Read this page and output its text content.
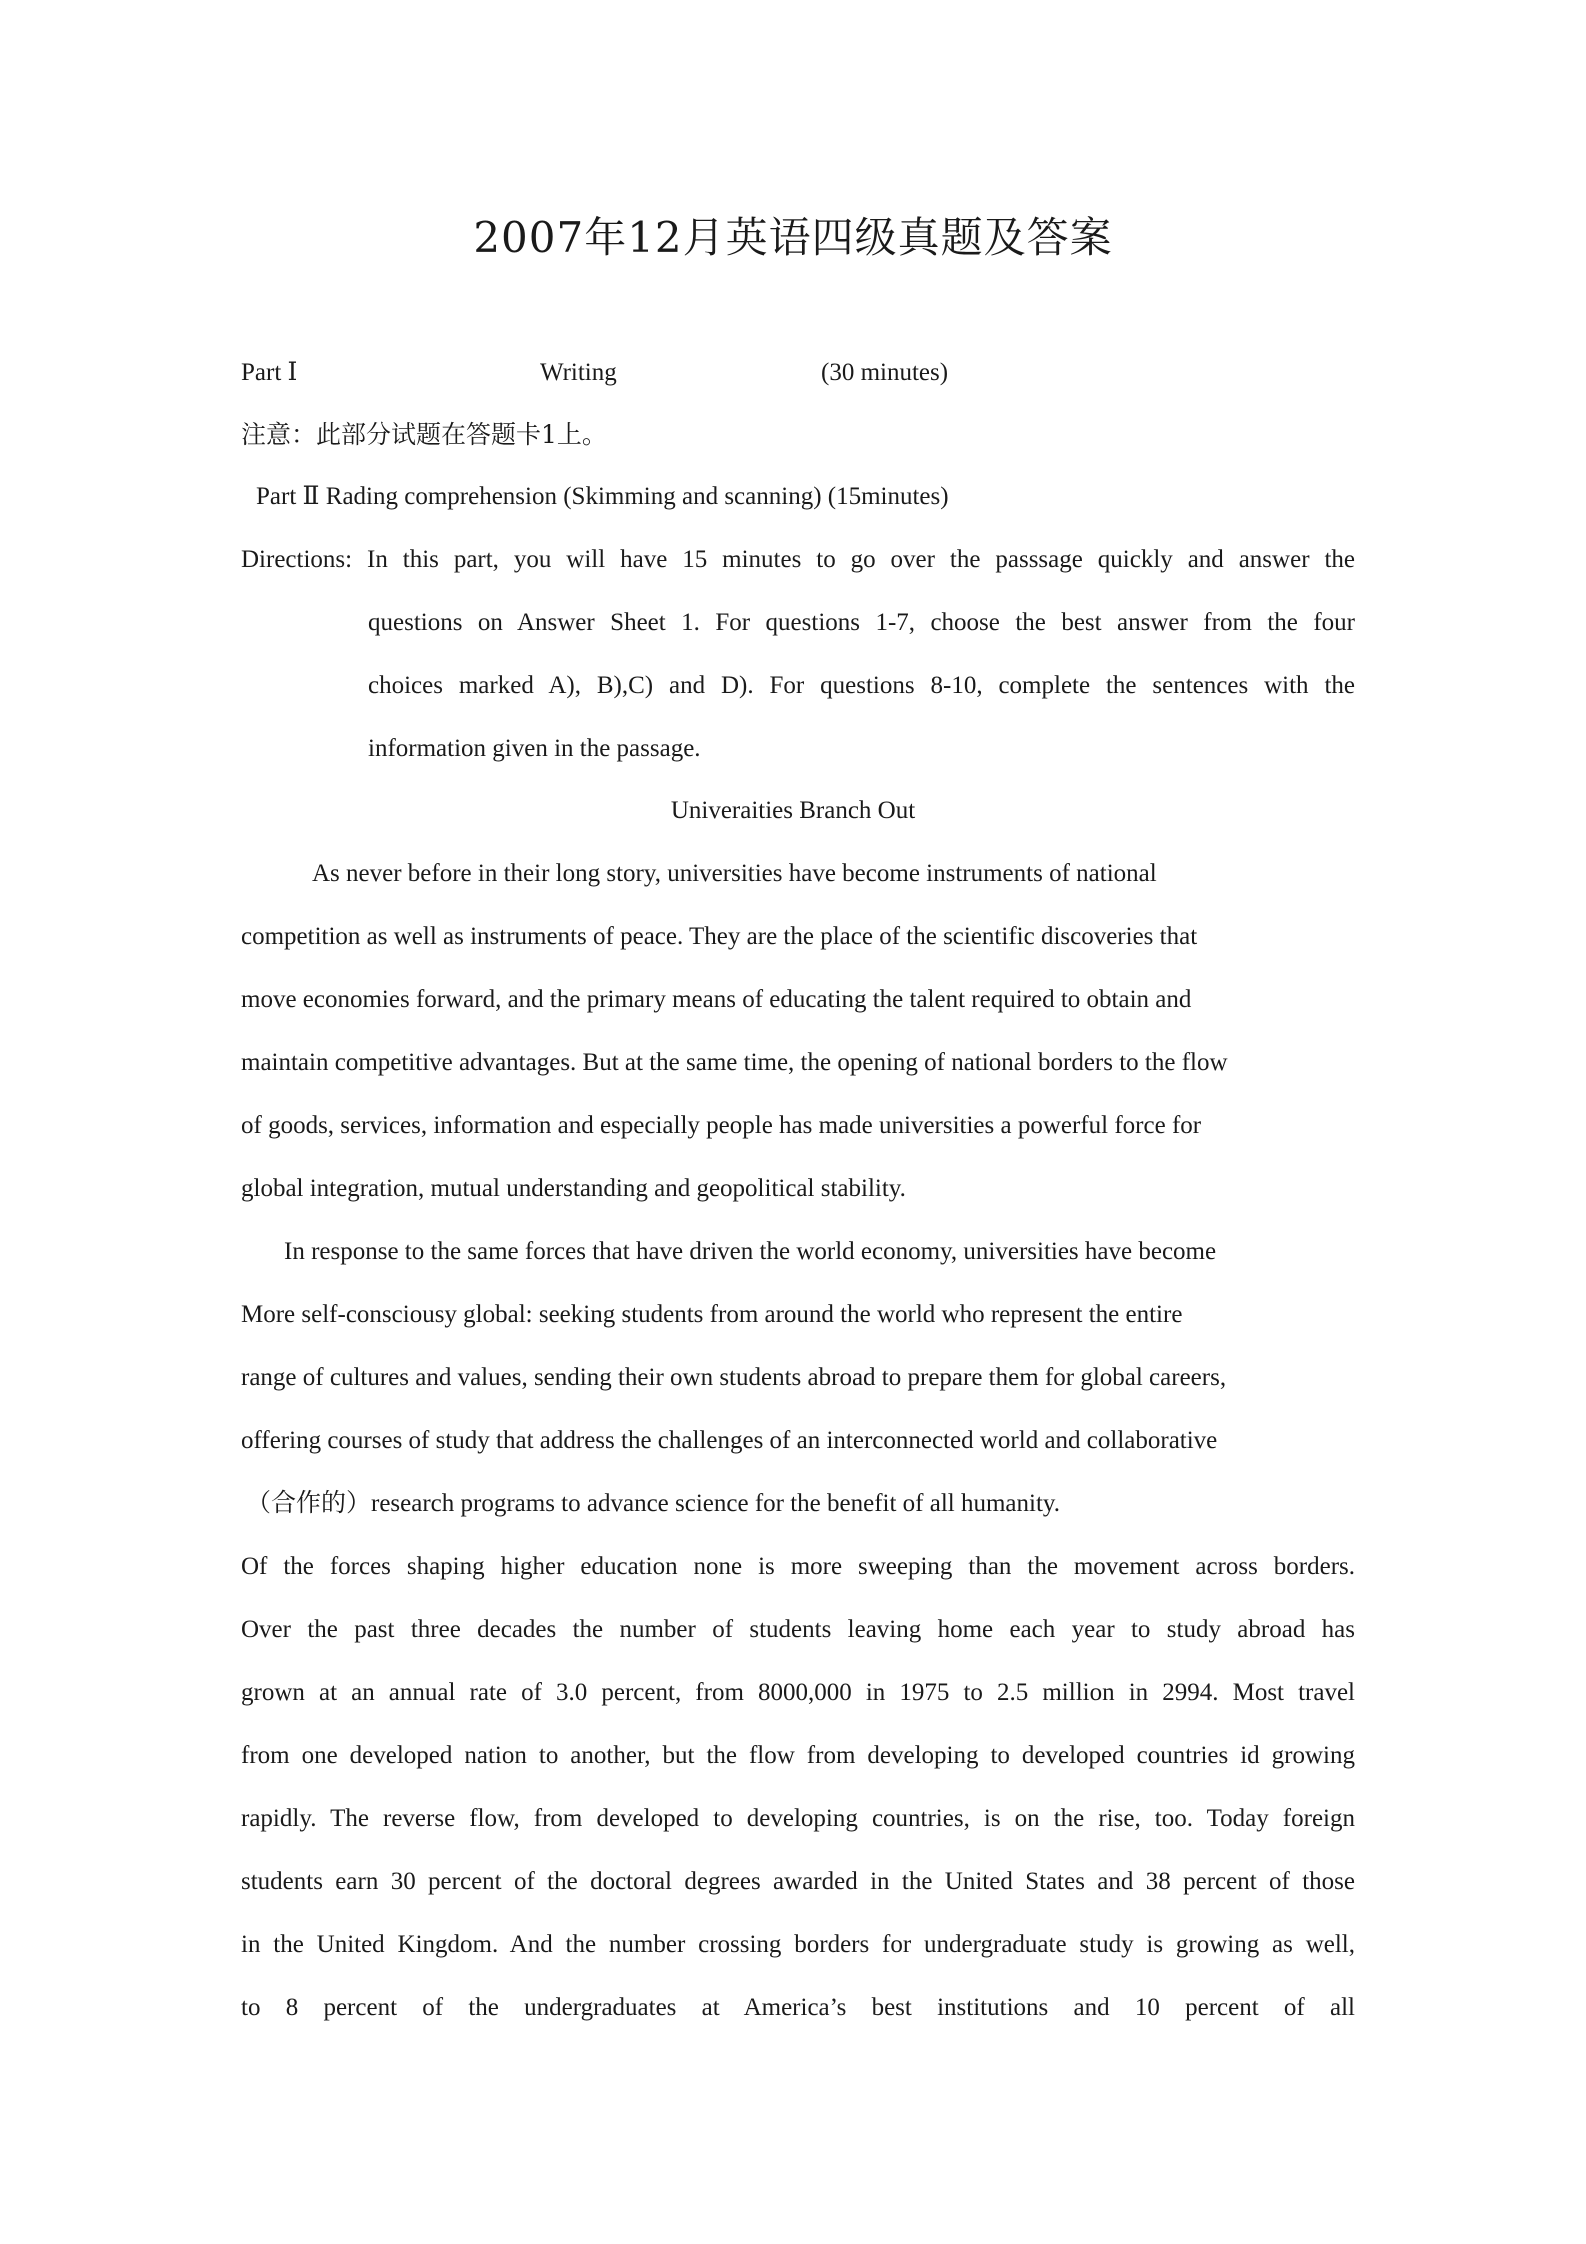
2007年12月英语四级真题及答案
Part Ⅰ	Writing	(30 minutes)
注意：此部分试题在答题卡1上。
Part Ⅱ Rading comprehension (Skimming and scanning) (15minutes)
Directions: In this part, you will have 15 minutes to go over the passsage quickly and answer the
questions on Answer Sheet 1. For questions 1-7, choose the best answer from the four
choices marked A), B),C) and D). For questions 8-10, complete the sentences with the
information given in the passage.
Univeraities Branch Out
As never before in their long story, universities have become instruments of national
competition as well as instruments of peace. They are the place of the scientific discoveries that
move economies forward, and the primary means of educating the talent required to obtain and
maintain competitive advantages. But at the same time, the opening of national borders to the flow
of goods, services, information and especially people has made universities a powerful force for
global integration, mutual understanding and geopolitical stability.
In response to the same forces that have driven the world economy, universities have become
More self-consciousy global: seeking students from around the world who represent the entire
range of cultures and values, sending their own students abroad to prepare them for global careers,
offering courses of study that address the challenges of an interconnected world and collaborative
（合作的）research programs to advance science for the benefit of all humanity.
Of the forces shaping higher education none is more sweeping than the movement across borders.
Over the past three decades the number of students leaving home each year to study abroad has
grown at an annual rate of 3.0 percent, from 8000,000 in 1975 to 2.5 million in 2994. Most travel
from one developed nation to another, but the flow from developing to developed countries id growing
rapidly. The reverse flow, from developed to developing countries, is on the rise, too. Today foreign
students earn 30 percent of the doctoral degrees awarded in the United States and 38 percent of those
in the United Kingdom. And the number crossing borders for undergraduate study is growing as well,
to 8 percent of the undergraduates at America’s best institutions and 10 percent of all
